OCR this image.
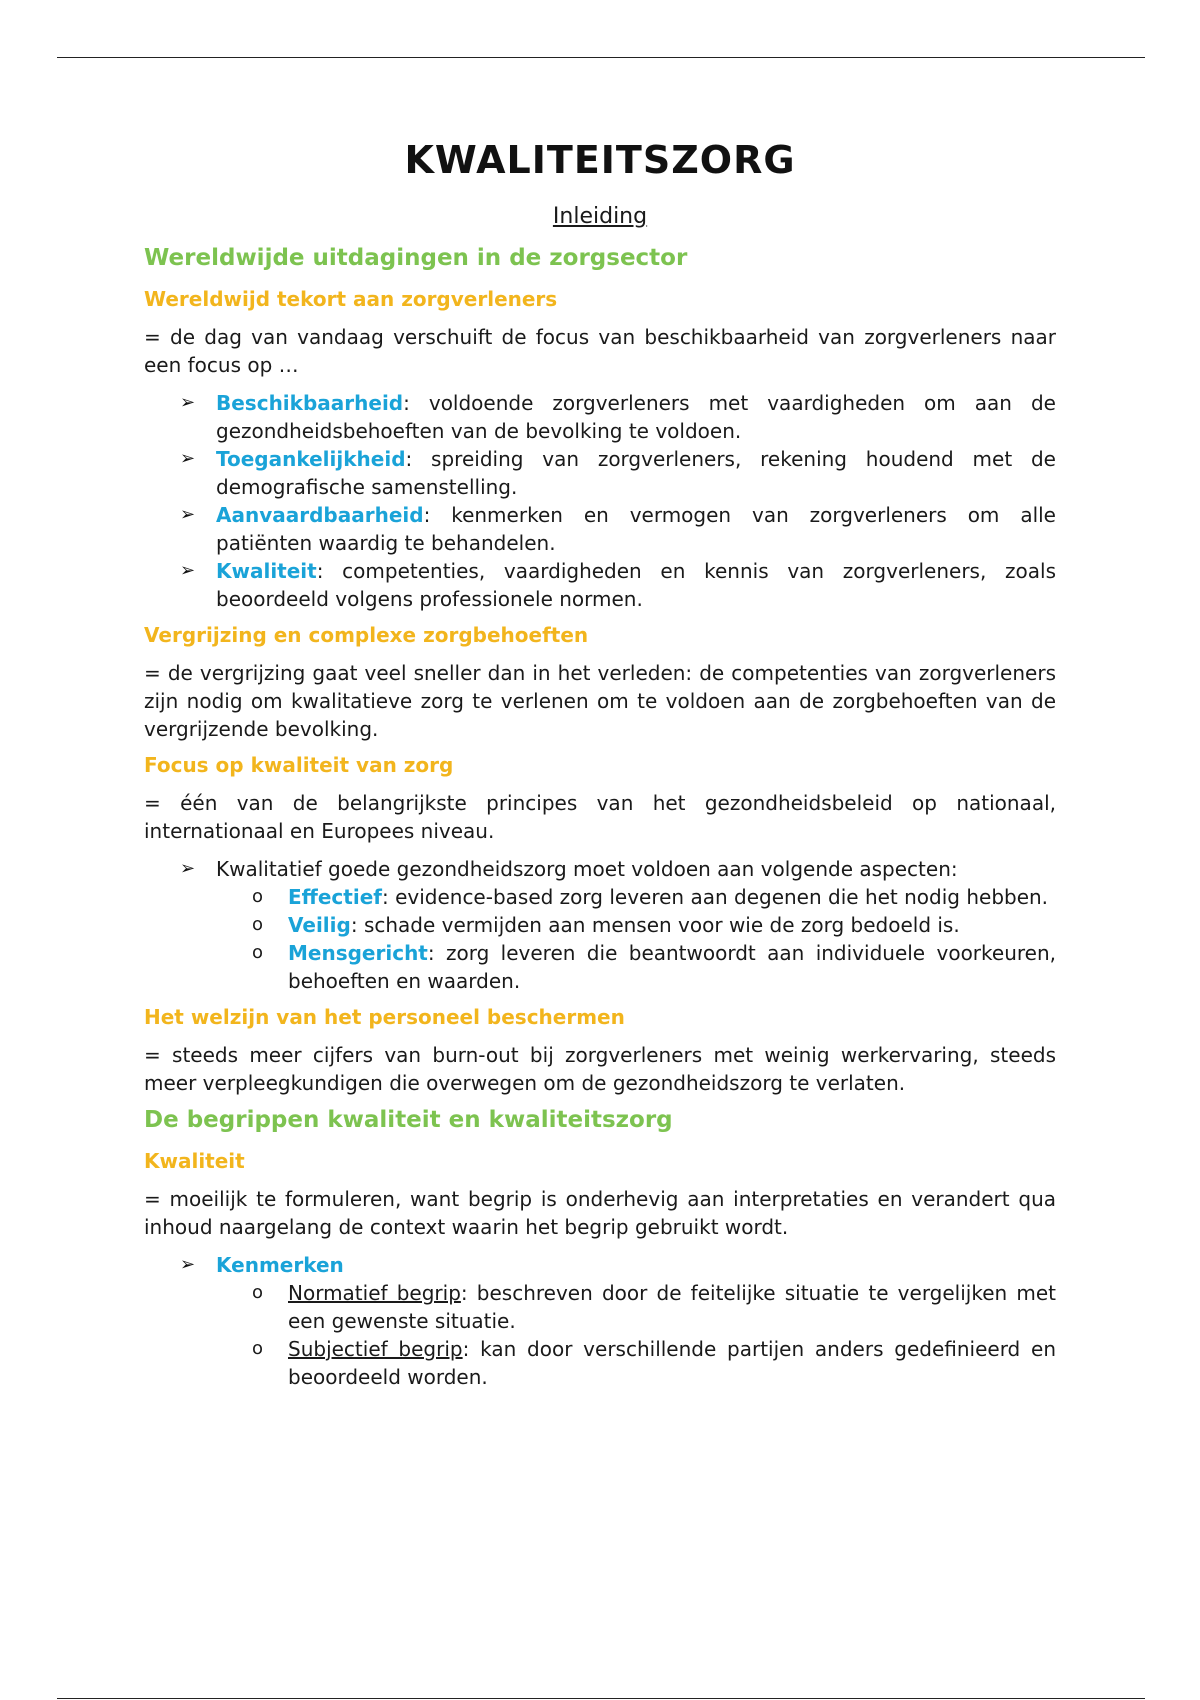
KWALITEITSZORG
Inleiding
Wereldwijde uitdagingen in de zorgsector
Wereldwijd tekort aan zorgverleners
= de dag van vandaag verschuift de focus van beschikbaarheid van zorgverleners naar een focus op …
➢ Beschikbaarheid: voldoende zorgverleners met vaardigheden om aan de gezondheidsbehoeften van de bevolking te voldoen.
➢ Toegankelijkheid: spreiding van zorgverleners, rekening houdend met de demografische samenstelling.
➢ Aanvaardbaarheid: kenmerken en vermogen van zorgverleners om alle patiënten waardig te behandelen.
➢ Kwaliteit: competenties, vaardigheden en kennis van zorgverleners, zoals beoordeeld volgens professionele normen.
Vergrijzing en complexe zorgbehoeften
= de vergrijzing gaat veel sneller dan in het verleden: de competenties van zorgverleners zijn nodig om kwalitatieve zorg te verlenen om te voldoen aan de zorgbehoeften van de vergrijzende bevolking.
Focus op kwaliteit van zorg
= één van de belangrijkste principes van het gezondheidsbeleid op nationaal, internationaal en Europees niveau.
➢ Kwalitatief goede gezondheidszorg moet voldoen aan volgende aspecten:
o Effectief: evidence-based zorg leveren aan degenen die het nodig hebben.
o Veilig: schade vermijden aan mensen voor wie de zorg bedoeld is.
o Mensgericht: zorg leveren die beantwoordt aan individuele voorkeuren, behoeften en waarden.
Het welzijn van het personeel beschermen
= steeds meer cijfers van burn-out bij zorgverleners met weinig werkervaring, steeds meer verpleegkundigen die overwegen om de gezondheidszorg te verlaten.
De begrippen kwaliteit en kwaliteitszorg
Kwaliteit
= moeilijk te formuleren, want begrip is onderhevig aan interpretaties en verandert qua inhoud naargelang de context waarin het begrip gebruikt wordt.
➢ Kenmerken
o Normatief begrip: beschreven door de feitelijke situatie te vergelijken met een gewenste situatie.
o Subjectief begrip: kan door verschillende partijen anders gedefinieerd en beoordeeld worden.
